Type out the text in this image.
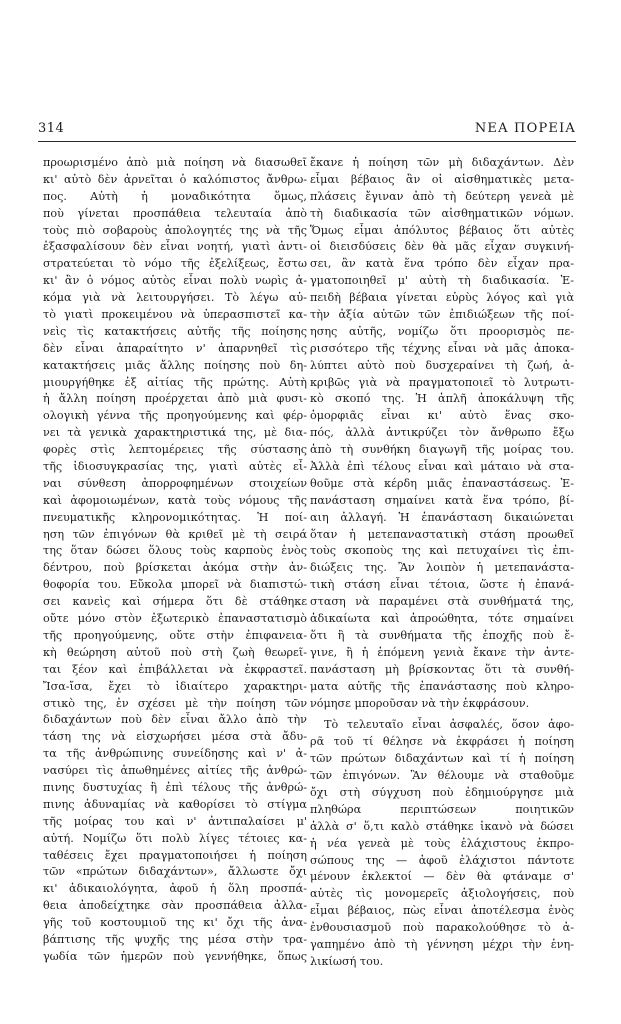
314	ΝΕΑ ΠΟΡΕΙΑ
προωρισμένο ἀπὸ μιὰ ποίηση νὰ διασωθεῖ
κι' αὐτὸ δὲν ἀρνεῖται ὁ καλόπιστος ἄνθρω-
πος. Αὐτὴ ἡ μοναδικότητα ὅμως,
ποὺ γίνεται προσπάθεια τελευταία ἀπὸ
τοὺς πιὸ σοβαροὺς ἀπολογητές της νὰ τῆς
ἐξασφαλίσουν δὲν εἶναι νοητή, γιατὶ ἀντι-
στρατεύεται τὸ νόμο τῆς ἐξελίξεως, ἔστω
κι' ἂν ὁ νόμος αὐτὸς εἶναι πολὺ νωρὶς ἀ-
κόμα γιὰ νὰ λειτουργήσει. Τὸ λέγω αὐ-
τὸ γιατὶ προκειμένου νὰ ὑπερασπιστεῖ κα-
νεὶς τὶς κατακτήσεις αὐτῆς τῆς ποίησης
δὲν εἶναι ἀπαραίτητο ν' ἀπαρνηθεῖ τὶς
κατακτήσεις μιᾶς ἄλλης ποίησης ποὺ δη-
μιουργήθηκε ἐξ αἰτίας τῆς πρώτης. Αὐτὴ
ἡ ἄλλη ποίηση προέρχεται ἀπὸ μιὰ φυσι-
ολογικὴ γέννα τῆς προηγούμενης καὶ φέρ-
νει τὰ γενικὰ χαρακτηριστικά της, μὲ δια-
φορὲς στὶς λεπτομέρειες τῆς σύστασης
τῆς ἰδιοσυγκρασίας της, γιατὶ αὐτὲς εἶ-
ναι σύνθεση ἀπορροφημένων στοιχείων
καὶ ἀφομοιωμένων, κατὰ τοὺς νόμους τῆς
πνευματικῆς κληρονομικότητας. Ἡ ποί-
ηση τῶν ἐπιγόνων θὰ κριθεῖ μὲ τὴ σειρά
της ὅταν δώσει ὅλους τοὺς καρποὺς ἑνὸς
δέντρου, ποὺ βρίσκεται ἀκόμα στὴν ἀν-
θοφορία του. Εὔκολα μπορεῖ νὰ διαπιστώ-
σει κανεὶς καὶ σήμερα ὅτι δὲ στάθηκε
οὔτε μόνο στὸν ἐξωτερικὸ ἐπαναστατισμὸ
τῆς προηγούμενης, οὔτε στὴν ἐπιφανεια-
κὴ θεώρηση αὐτοῦ ποὺ στὴ ζωὴ θεωρεῖ-
ται ξέον καὶ ἐπιβάλλεται νὰ ἐκφραστεῖ.
Ἴσα-ἴσα, ἔχει τὸ ἰδιαίτερο χαρακτηρι-
στικὸ της, ἐν σχέσει μὲ τὴν ποίηση τῶν
διδαχάντων ποὺ δὲν εἶναι ἄλλο ἀπὸ τὴν
τάση της νὰ εἰσχωρήσει μέσα στὰ ἄδυ-
τα τῆς ἀνθρώπινης συνείδησης καὶ ν' ἀ-
νασύρει τὶς ἀπωθημένες αἰτίες τῆς ἀνθρώ-
πινης δυστυχίας ἢ ἐπὶ τέλους τῆς ἀνθρώ-
πινης ἀδυναμίας νὰ καθορίσει τὸ στίγμα
τῆς μοίρας του καὶ ν' ἀντιπαλαίσει μ'
αὐτή. Νομίζω ὅτι πολὺ λίγες τέτοιες κα-
ταθέσεις ἔχει πραγματοποιήσει ἡ ποίηση
τῶν «πρώτων διδαχάντων», ἄλλωστε ὄχι
κι' ἀδικαιολόγητα, ἀφοῦ ἡ ὅλη προσπά-
θεια ἀποδείχτηκε σὰν προσπάθεια ἀλλα-
γῆς τοῦ κοστουμιοῦ της κι' ὄχι τῆς ἀνα-
βάπτισης τῆς ψυχῆς της μέσα στὴν τρα-
γωδία τῶν ἡμερῶν ποὺ γεννήθηκε, ὅπως
ἔκανε ἡ ποίηση τῶν μὴ διδαχάντων. Δὲν
εἶμαι βέβαιος ἂν οἱ αἰσθηματικὲς μετα-
πλάσεις ἔγιναν ἀπὸ τὴ δεύτερη γενεὰ μὲ
τὴ διαδικασία τῶν αἰσθηματικῶν νόμων.
Ὅμως εἶμαι ἀπόλυτος βέβαιος ὅτι αὐτὲς
οἱ διεισδύσεις δὲν θὰ μᾶς εἶχαν συγκινή-
σει, ἂν κατὰ ἕνα τρόπο δὲν εἶχαν πρα-
γματοποιηθεῖ μ' αὐτὴ τὴ διαδικασία. Ἐ-
πειδὴ βέβαια γίνεται εὐρὺς λόγος καὶ γιὰ
τὴν ἀξία αὐτῶν τῶν ἐπιδιώξεων τῆς ποί-
ησης αὐτῆς, νομίζω ὅτι προορισμὸς πε-
ρισσότερο τῆς τέχνης εἶναι νὰ μᾶς ἀποκα-
λύπτει αὐτὸ ποὺ δυσχεραίνει τὴ ζωή, ἀ-
κριβῶς γιὰ νὰ πραγματοποιεῖ τὸ λυτρωτι-
κὸ σκοπό της. Ἡ ἁπλῆ ἀποκάλυψη τῆς
ὁμορφιᾶς εἶναι κι' αὐτὸ ἕνας σκο-
πός, ἀλλὰ ἀντικρύζει τὸν ἄνθρωπο ἔξω
ἀπὸ τὴ συνθήκη διαγωγῆ τῆς μοίρας του.
Ἀλλὰ ἐπὶ τέλους εἶναι καὶ μάταιο νὰ στα-
θοῦμε στὰ κέρδη μιᾶς ἐπαναστάσεως. Ἐ-
πανάσταση σημαίνει κατὰ ἕνα τρόπο, βί-
αιη ἀλλαγή. Ἡ ἐπανάσταση δικαιώνεται
ὅταν ἡ μετεπαναστατικὴ στάση προωθεῖ
τοὺς σκοποὺς της καὶ πετυχαίνει τὶς ἐπι-
διώξεις της. Ἂν λοιπὸν ἡ μετεπανάστα-
τικὴ στάση εἶναι τέτοια, ὥστε ἡ ἐπανά-
σταση νὰ παραμένει στὰ συνθήματά της,
ἀδικαίωτα καὶ ἀπροώθητα, τότε σημαίνει
ὅτι ἢ τὰ συνθήματα τῆς ἐποχῆς ποὺ ἔ-
γινε, ἢ ἡ ἑπόμενη γενιὰ ἔκανε τὴν ἀντε-
πανάσταση μὴ βρίσκοντας ὅτι τὰ συνθή-
ματα αὐτῆς τῆς ἐπανάστασης ποὺ κληρο-
νόμησε μποροῦσαν νὰ τὴν ἐκφράσουν.
Τὸ τελευταῖο εἶναι ἀσφαλές, ὅσον ἀφο-
ρᾶ τοῦ τί θέλησε νὰ ἐκφράσει ἡ ποίηση
τῶν πρώτων διδαχάντων καὶ τί ἡ ποίηση
τῶν ἐπιγόνων. Ἂν θέλουμε νὰ σταθοῦμε
ὄχι στὴ σύγχυση ποὺ ἐδημιούργησε μιὰ
πληθώρα περιπτώσεων ποιητικῶν
ἀλλὰ σ' ὅ,τι καλὸ στάθηκε ἱκανὸ νὰ δώσει
ἡ νέα γενεὰ μὲ τοὺς ἐλάχιστους ἐκπρο-
σώπους της — ἀφοῦ ἐλάχιστοι πάντοτε
μένουν ἐκλεκτοί — δὲν θὰ φτάναμε σ'
αὐτὲς τὶς μονομερεῖς ἀξιολογήσεις, ποὺ
εἶμαι βέβαιος, πὼς εἶναι ἀποτέλεσμα ἑνὸς
ἐνθουσιασμοῦ ποὺ παρακολούθησε τὸ ἀ-
γαπημένο ἀπὸ τὴ γέννηση μέχρι τὴν ἐνη-
λικίωσή του.
